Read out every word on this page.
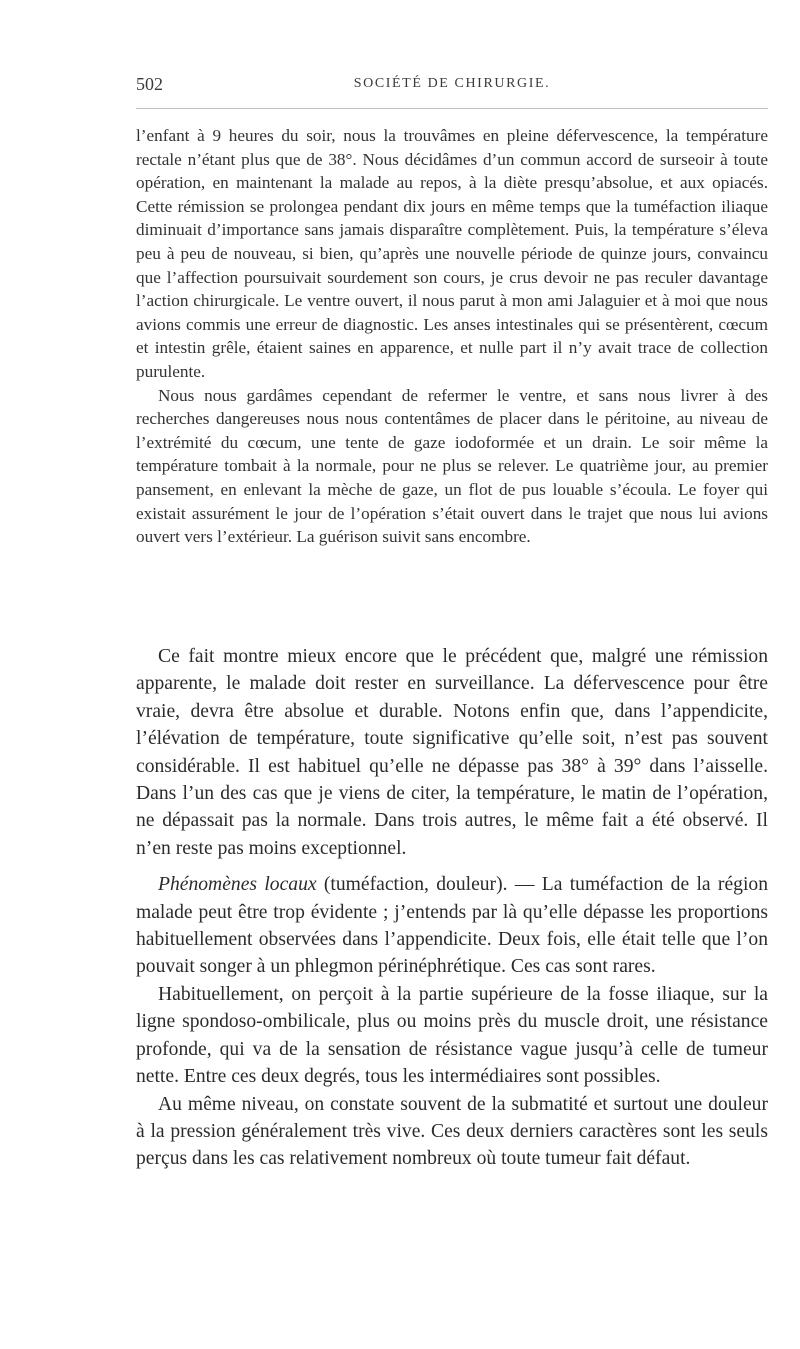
502	SOCIÉTÉ DE CHIRURGIE.

l’enfant à 9 heures du soir, nous la trouvâmes en pleine défervescence, la température rectale n’étant plus que de 38°. Nous décidâmes d’un commun accord de surseoir à toute opération, en maintenant la malade au repos, à la diète presqu’absolue, et aux opiacés. Cette rémission se prolongea pendant dix jours en même temps que la tuméfaction iliaque diminuait d’importance sans jamais disparaître complètement. Puis, la température s’éleva peu à peu de nouveau, si bien, qu’après une nouvelle période de quinze jours, convaincu que l’affection poursuivait sourdement son cours, je crus devoir ne pas reculer davantage l’action chirurgicale. Le ventre ouvert, il nous parut à mon ami Jalaguier et à moi que nous avions commis une erreur de diagnostic. Les anses intestinales qui se présentèrent, cœcum et intestin grêle, étaient saines en apparence, et nulle part il n’y avait trace de collection purulente.

Nous nous gardâmes cependant de refermer le ventre, et sans nous livrer à des recherches dangereuses nous nous contentâmes de placer dans le péritoine, au niveau de l’extrémité du cœcum, une tente de gaze iodoformée et un drain. Le soir même la température tombait à la normale, pour ne plus se relever. Le quatrième jour, au premier pansement, en enlevant la mèche de gaze, un flot de pus louable s’écoula. Le foyer qui existait assurément le jour de l’opération s’était ouvert dans le trajet que nous lui avions ouvert vers l’extérieur. La guérison suivit sans encombre.

Ce fait montre mieux encore que le précédent que, malgré une rémission apparente, le malade doit rester en surveillance. La défervescence pour être vraie, devra être absolue et durable. Notons enfin que, dans l’appendicite, l’élévation de température, toute significative qu’elle soit, n’est pas souvent considérable. Il est habituel qu’elle ne dépasse pas 38° à 39° dans l’aisselle. Dans l’un des cas que je viens de citer, la température, le matin de l’opération, ne dépassait pas la normale. Dans trois autres, le même fait a été observé. Il n’en reste pas moins exceptionnel.

Phénomènes locaux (tuméfaction, douleur). — La tuméfaction de la région malade peut être trop évidente ; j’entends par là qu’elle dépasse les proportions habituellement observées dans l’appendicite. Deux fois, elle était telle que l’on pouvait songer à un phlegmon périnéphrétique. Ces cas sont rares.

Habituellement, on perçoit à la partie supérieure de la fosse iliaque, sur la ligne spondoso-ombilicale, plus ou moins près du muscle droit, une résistance profonde, qui va de la sensation de résistance vague jusqu’à celle de tumeur nette. Entre ces deux degrés, tous les intermédiaires sont possibles.

Au même niveau, on constate souvent de la submatité et surtout une douleur à la pression généralement très vive. Ces deux derniers caractères sont les seuls perçus dans les cas relativement nombreux où toute tumeur fait défaut.
